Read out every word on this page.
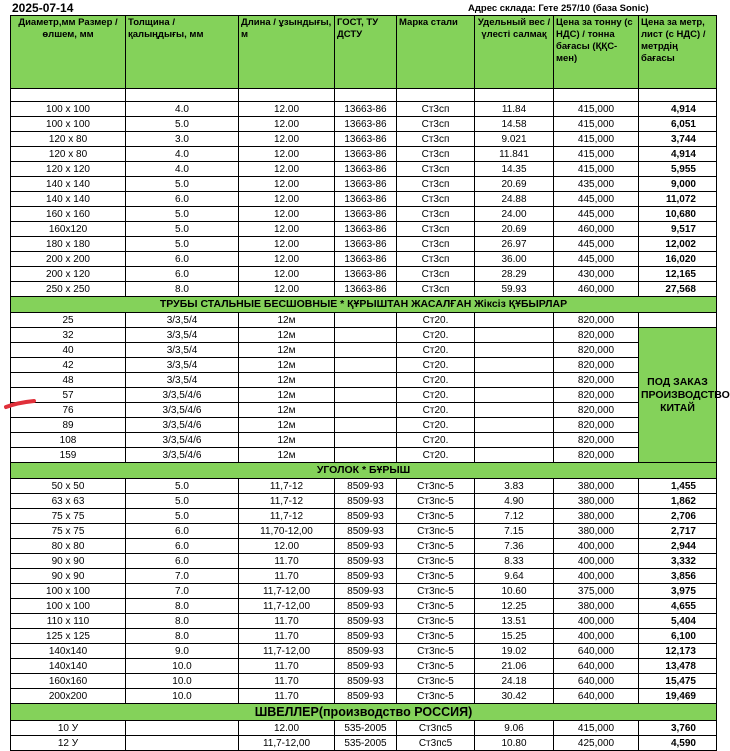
2025-07-14	Адрес склада: Гете 257/10 (база Sonic)
Диаметр,мм Размер / өлшем, мм	Толщина / қалыңдығы, мм	Длина / ұзындығы, м	ГОСТ, ТУ ДСТУ	Марка стали	Удельный вес / үлестi салмақ	Цена за тонну (с НДС) / тонна бағасы (ҚҚС-мен)	Цена за метр, лист (с НДС) / метрдің бағасы

100 x 100	4.0	12.00	13663-86	Ст3сп	11.84	415,000	4,914
100 x 100	5.0	12.00	13663-86	Ст3сп	14.58	415,000	6,051
120 x 80	3.0	12.00	13663-86	Ст3сп	9.021	415,000	3,744
120 x 80	4.0	12.00	13663-86	Ст3сп	11.841	415,000	4,914
120 x 120	4.0	12.00	13663-86	Ст3сп	14.35	415,000	5,955
140 x 140	5.0	12.00	13663-86	Ст3сп	20.69	435,000	9,000
140 x 140	6.0	12.00	13663-86	Ст3сп	24.88	445,000	11,072
160 x 160	5.0	12.00	13663-86	Ст3сп	24.00	445,000	10,680
160x120	5.0	12.00	13663-86	Ст3сп	20.69	460,000	9,517
180 x 180	5.0	12.00	13663-86	Ст3сп	26.97	445,000	12,002
200 x 200	6.0	12.00	13663-86	Ст3сп	36.00	445,000	16,020
200 x 120	6.0	12.00	13663-86	Ст3сп	28.29	430,000	12,165
250 x 250	8.0	12.00	13663-86	Ст3сп	59.93	460,000	27,568
ТРУБЫ СТАЛЬНЫЕ БЕСШОВНЫЕ * ҚҰРЫШТАН ЖАСАЛҒАН Жіксіз ҚҰБЫРЛАР							
25	3/3,5/4	12м		Ст20.		820,000	
32	3/3,5/4	12м		Ст20.		820,000	ПОД ЗАКАЗ ПРОИЗВОДСТВО КИТАЙ
40	3/3,5/4	12м		Ст20.		820,000	
42	3/3,5/4	12м		Ст20.		820,000	
48	3/3,5/4	12м		Ст20.		820,000	
57	3/3,5/4/6	12м		Ст20.		820,000	
76	3/3,5/4/6	12м		Ст20.		820,000	
89	3/3,5/4/6	12м		Ст20.		820,000	
108	3/3,5/4/6	12м		Ст20.		820,000	
159	3/3,5/4/6	12м		Ст20.		820,000	
УГОЛОК * БҰРЫШ							
50 x 50	5.0	11,7-12	8509-93	Ст3пс-5	3.83	380,000	1,455
63 x 63	5.0	11,7-12	8509-93	Ст3пс-5	4.90	380,000	1,862
75 x 75	5.0	11,7-12	8509-93	Ст3пс-5	7.12	380,000	2,706
75 x 75	6.0	11,70-12,00	8509-93	Ст3пс-5	7.15	380,000	2,717
80 x 80	6.0	12.00	8509-93	Ст3пс-5	7.36	400,000	2,944
90 x 90	6.0	11.70	8509-93	Ст3пс-5	8.33	400,000	3,332
90 x 90	7.0	11.70	8509-93	Ст3пс-5	9.64	400,000	3,856
100 x 100	7.0	11,7-12,00	8509-93	Ст3пс-5	10.60	375,000	3,975
100 x 100	8.0	11,7-12,00	8509-93	Ст3пс-5	12.25	380,000	4,655
110 x 110	8.0	11.70	8509-93	Ст3пс-5	13.51	400,000	5,404
125 x 125	8.0	11.70	8509-93	Ст3пс-5	15.25	400,000	6,100
140x140	9.0	11,7-12,00	8509-93	Ст3пс-5	19.02	640,000	12,173
140x140	10.0	11.70	8509-93	Ст3пс-5	21.06	640,000	13,478
160x160	10.0	11.70	8509-93	Ст3пс-5	24.18	640,000	15,475
200x200	10.0	11.70	8509-93	Ст3пс-5	30.42	640,000	19,469
ШВЕЛЛЕР(производство РОССИЯ)							
10 У		12.00	535-2005	Ст3пс5	9.06	415,000	3,760
12 У		11,7-12,00	535-2005	Ст3пс5	10.80	425,000	4,590
